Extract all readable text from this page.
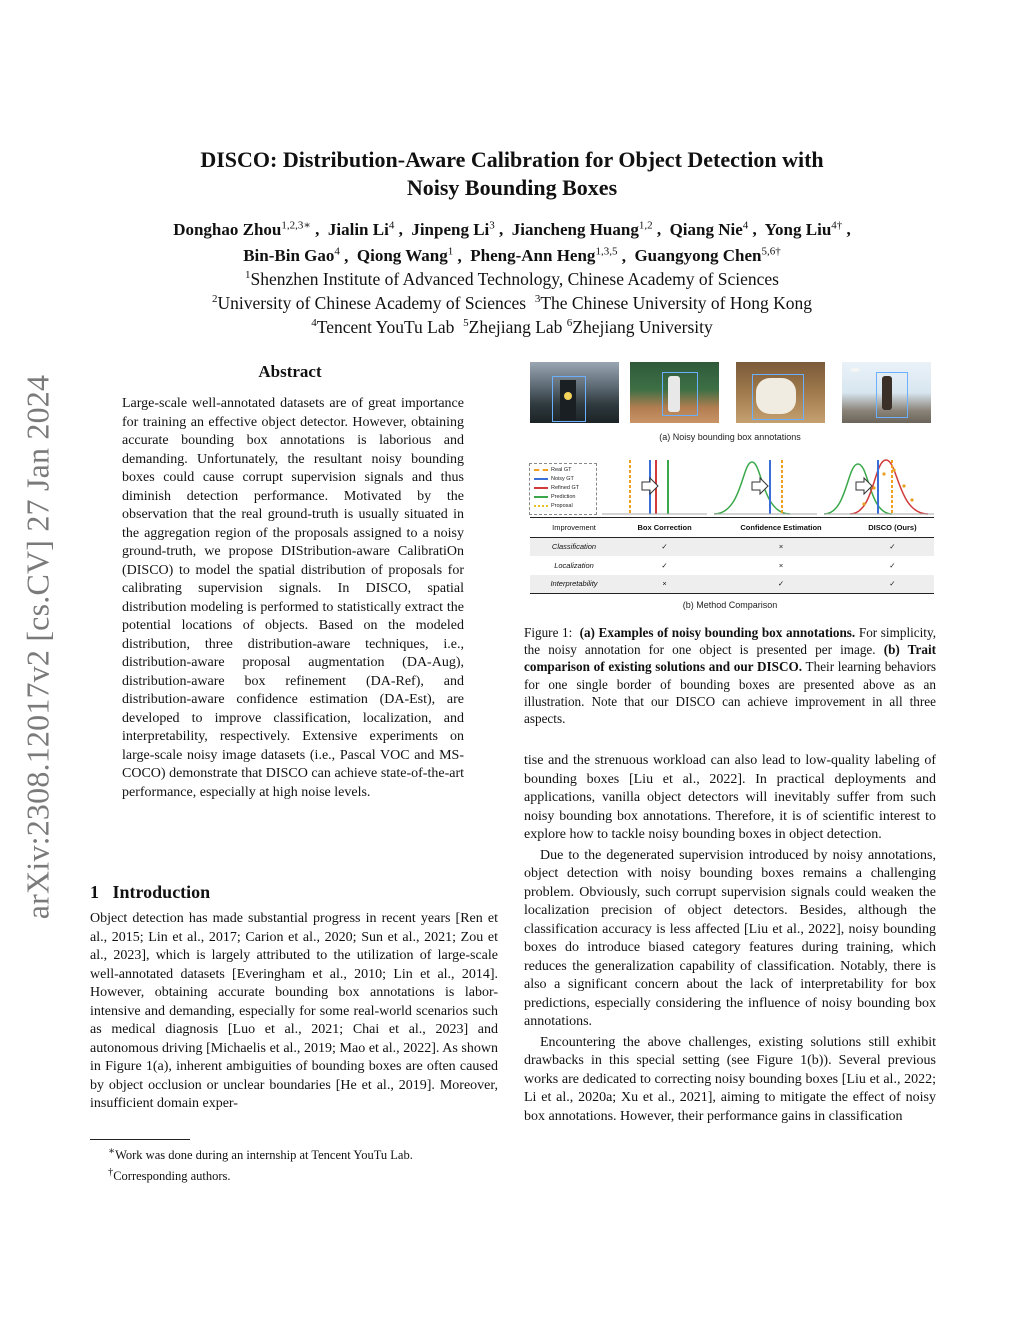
arXiv:2308.12017v2 [cs.CV] 27 Jan 2024
DISCO: Distribution-Aware Calibration for Object Detection with
Noisy Bounding Boxes
Donghao Zhou$^{1,2,3∗}$ ,  Jialin Li$^4$ ,  Jinpeng Li$^3$ ,  Jiancheng Huang$^{1,2}$ ,  Qiang Nie$^4$ ,  Yong Liu$^{4\dagger}$ ,
Bin-Bin Gao$^4$ ,  Qiong Wang$^1$ ,  Pheng-Ann Heng$^{1,3,5}$ ,  Guangyong Chen$^{5,6\dagger}$
$^1$Shenzhen Institute of Advanced Technology, Chinese Academy of Sciences
$^2$University of Chinese Academy of Sciences $^3$The Chinese University of Hong Kong
$^4$Tencent YouTu Lab $^5$Zhejiang Lab $^6$Zhejiang University
Abstract

Large-scale well-annotated datasets are of great importance for training an effective object detector. However, obtaining accurate bounding box annotations is laborious and demanding. Unfortunately, the resultant noisy bounding boxes could cause corrupt supervision signals and thus diminish detection performance. Motivated by the observation that the real ground-truth is usually situated in the aggregation region of the proposals assigned to a noisy ground-truth, we propose DIStribution-aware CalibratiOn (DISCO) to model the spatial distribution of proposals for calibrating supervision signals. In DISCO, spatial distribution modeling is performed to statistically extract the potential locations of objects. Based on the modeled distribution, three distribution-aware techniques, i.e., distribution-aware proposal augmentation (DA-Aug), distribution-aware box refinement (DA-Ref), and distribution-aware confidence estimation (DA-Est), are developed to improve classification, localization, and interpretability, respectively. Extensive experiments on large-scale noisy image datasets (i.e., Pascal VOC and MS-COCO) demonstrate that DISCO can achieve state-of-the-art performance, especially at high noise levels.

1 Introduction

Object detection has made substantial progress in recent years [Ren et al., 2015; Lin et al., 2017; Carion et al., 2020; Sun et al., 2021; Zou et al., 2023], which is largely attributed to the utilization of large-scale well-annotated datasets [Everingham et al., 2010; Lin et al., 2014]. However, obtaining accurate bounding box annotations is labor-intensive and demanding, especially for some real-world scenarios such as medical diagnosis [Luo et al., 2021; Chai et al., 2023] and autonomous driving [Michaelis et al., 2019; Mao et al., 2022]. As shown in Figure 1(a), inherent ambiguities of bounding boxes are often caused by object occlusion or unclear boundaries [He et al., 2019]. Moreover, insufficient domain exper-

∗Work was done during an internship at Tencent YouTu Lab.
†Corresponding authors.
(a) Noisy bounding box annotations
Real GT
Noisy GT
Refined GT
Prediction
Proposal
Improvement	Box Correction	Confidence Estimation	DISCO (Ours)
Classification	✓	×	✓
Localization	✓	×	✓
Interpretability	×	✓	✓
(b) Method Comparison
Figure 1: (a) Examples of noisy bounding box annotations. For simplicity, the noisy annotation for one object is presented per image. (b) Trait comparison of existing solutions and our DISCO. Their learning behaviors for one single border of bounding boxes are presented above as an illustration. Note that our DISCO can achieve improvement in all three aspects.

tise and the strenuous workload can also lead to low-quality labeling of bounding boxes [Liu et al., 2022]. In practical deployments and applications, vanilla object detectors will inevitably suffer from such noisy bounding box annotations. Therefore, it is of scientific interest to explore how to tackle noisy bounding boxes in object detection.

Due to the degenerated supervision introduced by noisy annotations, object detection with noisy bounding boxes remains a challenging problem. Obviously, such corrupt supervision signals could weaken the localization precision of object detectors. Besides, although the classification accuracy is less affected [Liu et al., 2022], noisy bounding boxes do introduce biased category features during training, which reduces the generalization capability of classification. Notably, there is also a significant concern about the lack of interpretability for box predictions, especially considering the influence of noisy bounding box annotations.

Encountering the above challenges, existing solutions still exhibit drawbacks in this special setting (see Figure 1(b)). Several previous works are dedicated to correcting noisy bounding boxes [Liu et al., 2022; Li et al., 2020a; Xu et al., 2021], aiming to mitigate the effect of noisy box annotations. However, their performance gains in classification
